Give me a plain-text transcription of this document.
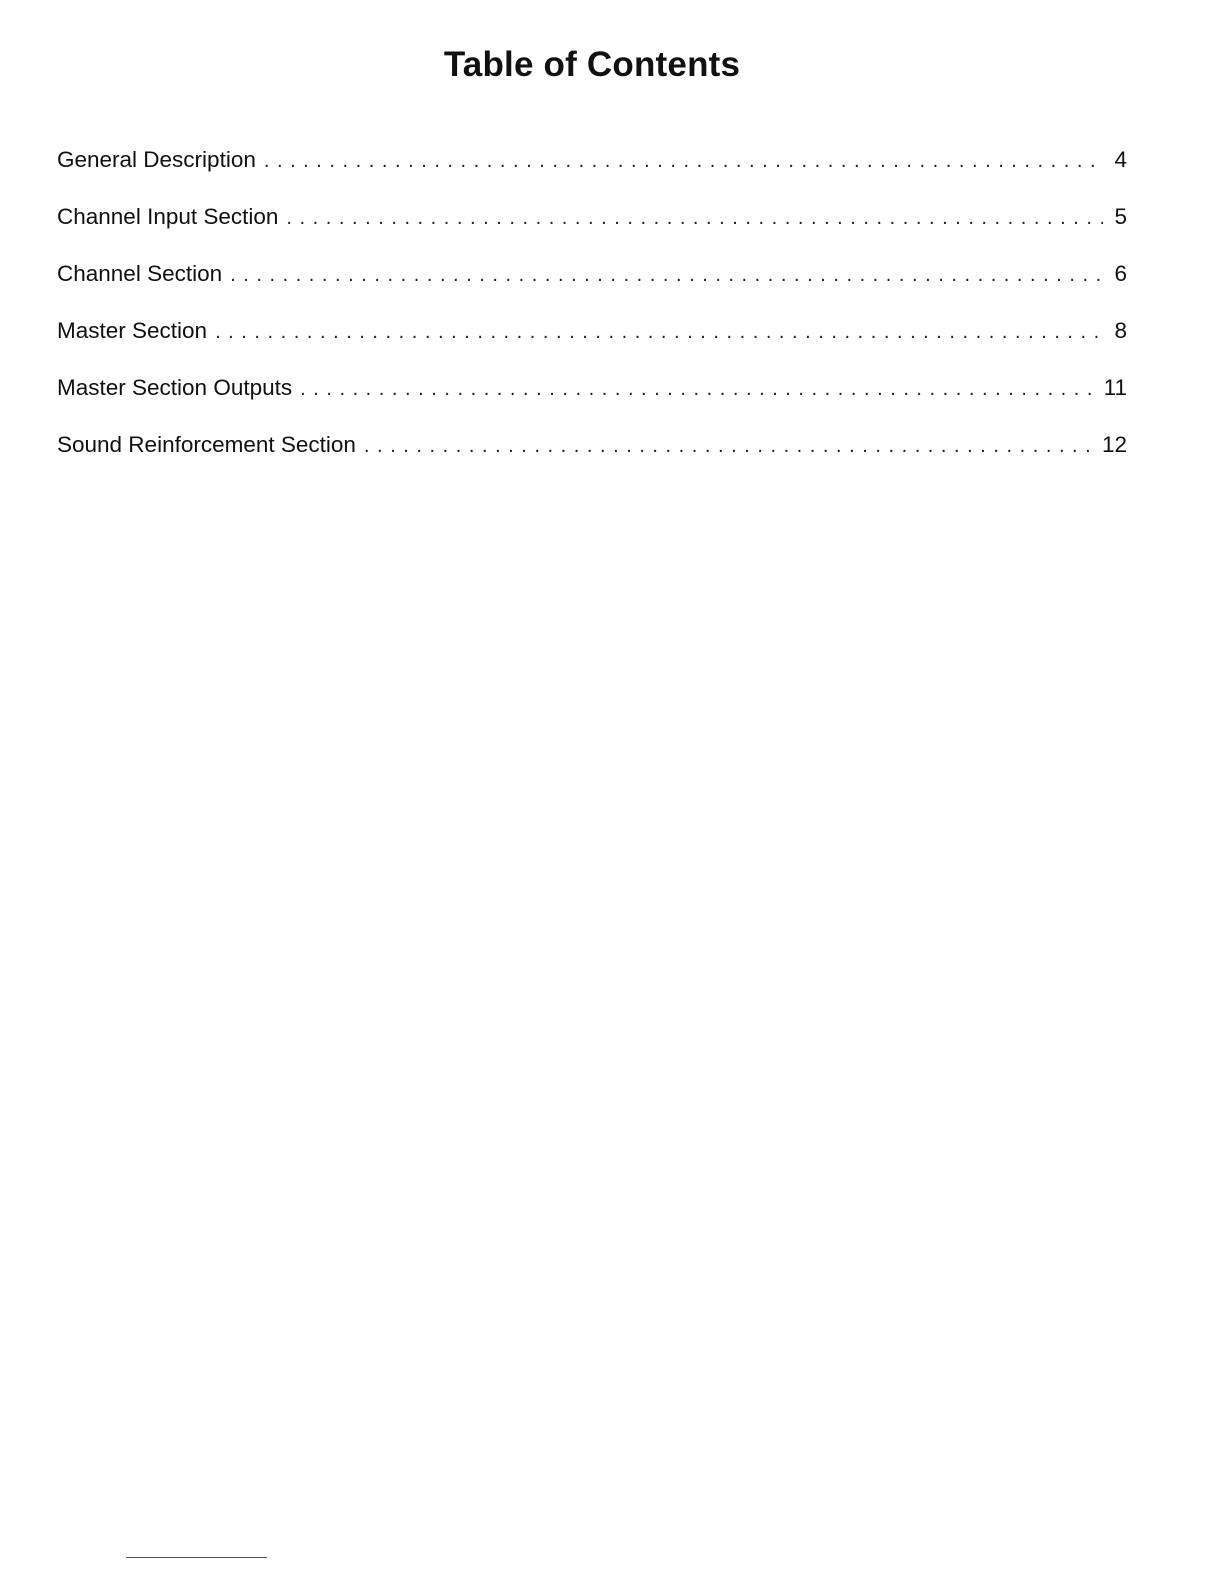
Table of Contents
General Description . . .	4
Channel Input Section . . .	5
Channel Section . . .	6
Master Section . . .	8
Master Section Outputs . . .	11
Sound Reinforcement Section . . .	12
